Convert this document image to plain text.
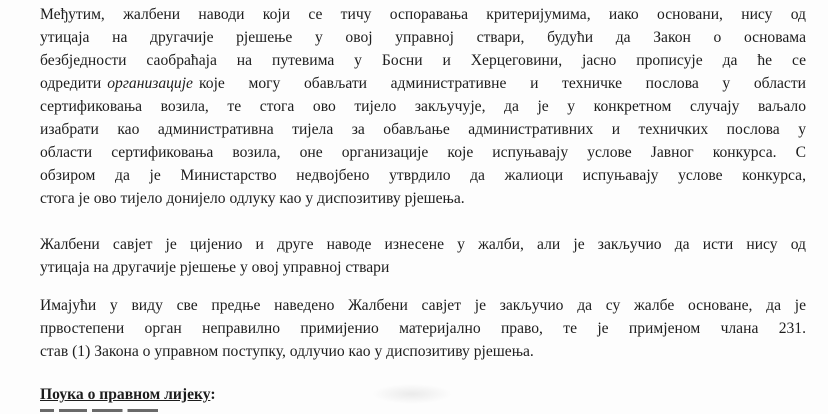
Међутим, жалбени наводи који се тичу оспоравања критеријумима, иако основани, нису од
утицаја на другачије рјешење у овој управној ствари, будући да Закон о основама
безбједности саобраћаја на путевима у Босни и Херцеговини, јасно прописује да ће се
одредити организације које могу обављати административне и техничке послова у области
сертификовања возила, те стога ово тијело закључује, да је у конкретном случају ваљало
изабрати као административна тијела за обављање административних и техничких послова у
области сертификовања возила, оне организације које испуњавају услове Јавног конкурса. С
обзиром да је Министарство недвојбено утврдило да жалиоци испуњавају услове конкурса,
стога је ово тијело донијело одлуку као у диспозитиву рјешења.
Жалбени савјет је цијенио и друге наводе изнесене у жалби, али је закључио да исти нису од
утицаја на другачије рјешење у овој управној ствари
Имајући у виду све предње наведено Жалбени савјет је закључио да су жалбе основане, да је
првостепени орган неправилно примијенио материјално право, те је примјеном члана 231.
став (1) Закона о управном поступку, одлучио као у диспозитиву рјешења.
Поука о правном лијеку:
